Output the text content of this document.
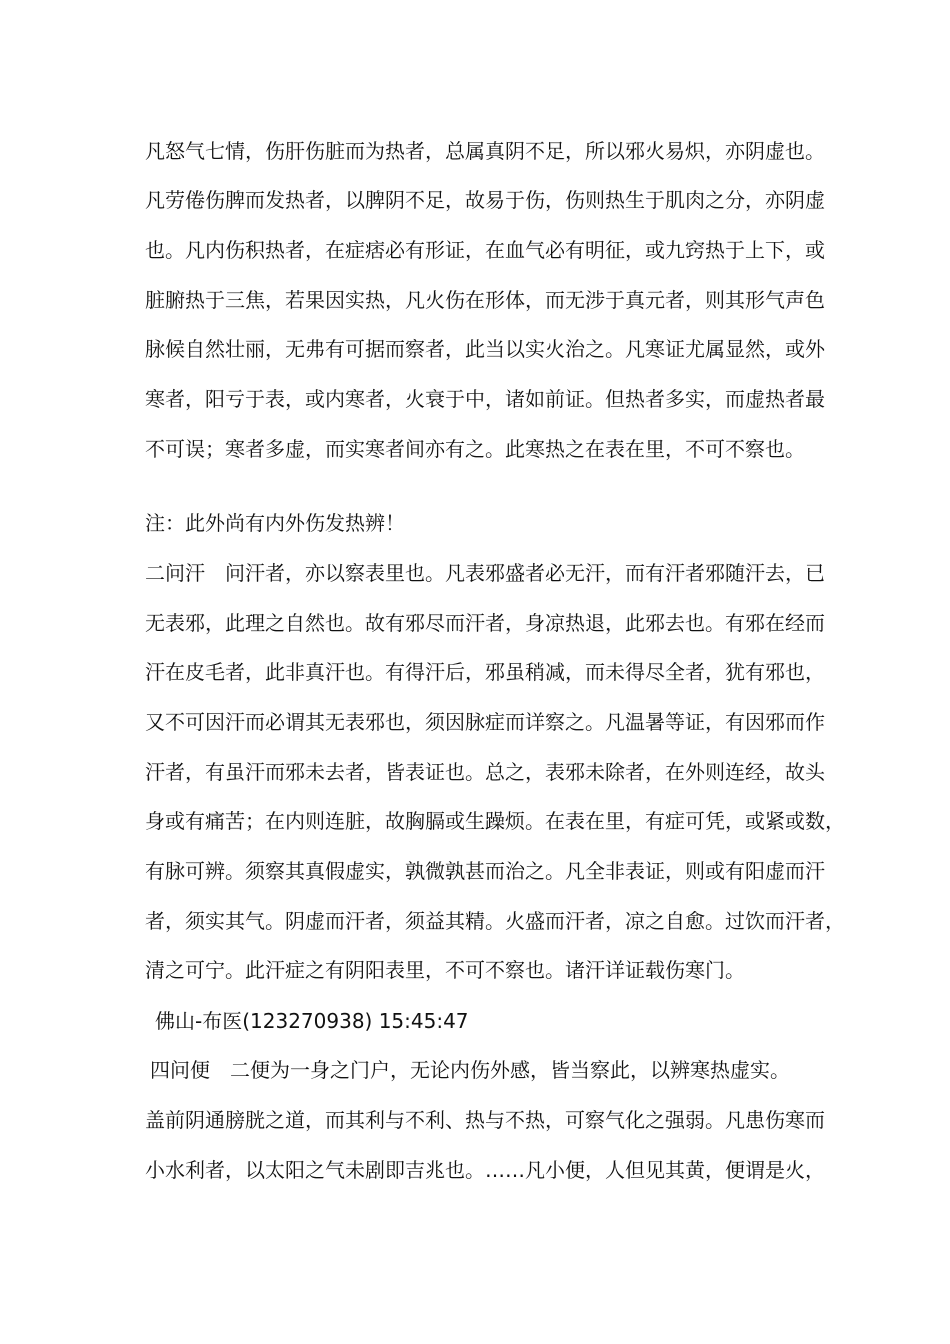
凡怒气七情，伤肝伤脏而为热者，总属真阴不足，所以邪火易炽，亦阴虚也。

凡劳倦伤脾而发热者，以脾阴不足，故易于伤，伤则热生于肌肉之分，亦阴虚

也。凡内伤积热者，在症痞必有形证，在血气必有明征，或九窍热于上下，或

脏腑热于三焦，若果因实热，凡火伤在形体，而无涉于真元者，则其形气声色

脉候自然壮丽，无弗有可据而察者，此当以实火治之。凡寒证尤属显然，或外

寒者，阳亏于表，或内寒者，火衰于中，诸如前证。但热者多实，而虚热者最

不可误；寒者多虚，而实寒者间亦有之。此寒热之在表在里，不可不察也。

注：此外尚有内外伤发热辨！

二问汗　问汗者，亦以察表里也。凡表邪盛者必无汗，而有汗者邪随汗去，已

无表邪，此理之自然也。故有邪尽而汗者，身凉热退，此邪去也。有邪在经而

汗在皮毛者，此非真汗也。有得汗后，邪虽稍减，而未得尽全者，犹有邪也，

又不可因汗而必谓其无表邪也，须因脉症而详察之。凡温暑等证，有因邪而作

汗者，有虽汗而邪未去者，皆表证也。总之，表邪未除者，在外则连经，故头

身或有痛苦；在内则连脏，故胸膈或生躁烦。在表在里，有症可凭，或紧或数，

有脉可辨。须察其真假虚实，孰微孰甚而治之。凡全非表证，则或有阳虚而汗

者，须实其气。阴虚而汗者，须益其精。火盛而汗者，凉之自愈。过饮而汗者，

清之可宁。此汗症之有阴阳表里，不可不察也。诸汗详证载伤寒门。

佛山-布医(123270938) 15:45:47

四问便　二便为一身之门户，无论内伤外感，皆当察此，以辨寒热虚实。

盖前阴通膀胱之道，而其利与不利、热与不热，可察气化之强弱。凡患伤寒而

小水利者，以太阳之气未剧即吉兆也。……凡小便，人但见其黄，便谓是火，
